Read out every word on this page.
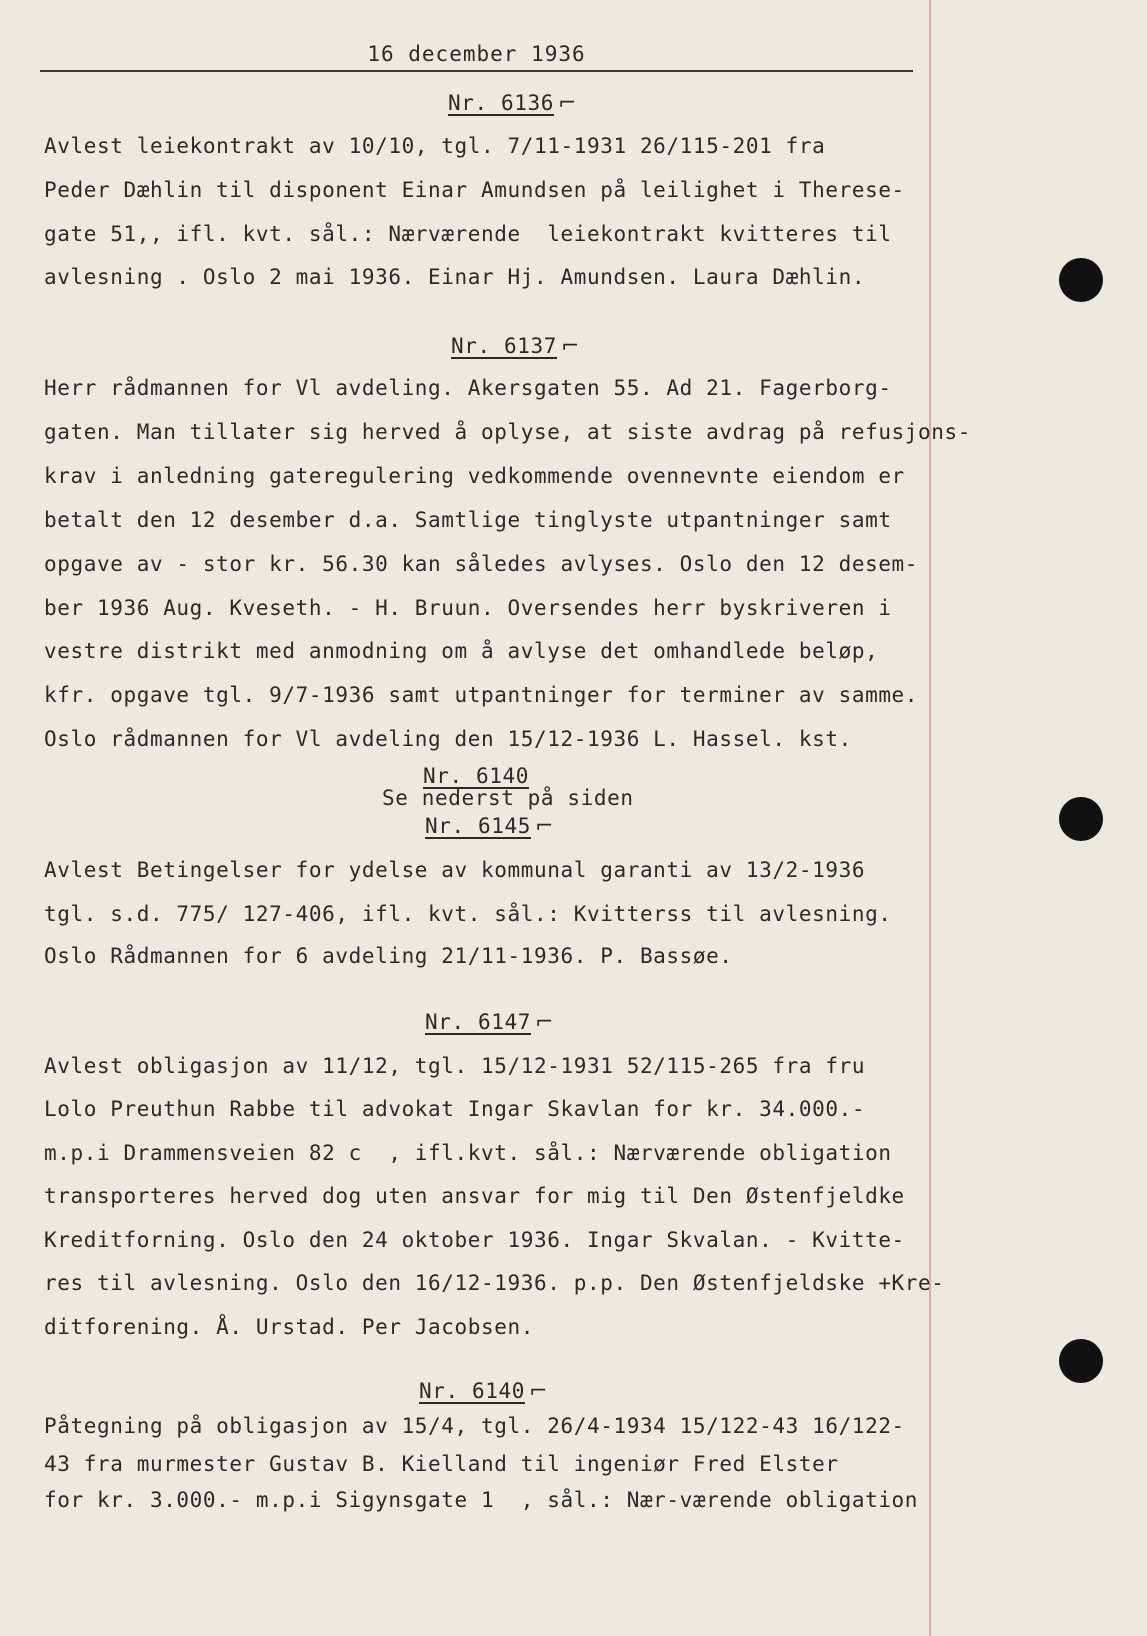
16 december 1936
Nr. 6136 ⌐
Avlest leiekontrakt av 10/10, tgl. 7/11-1931 26/115-201 fra
Peder Dæhlin til disponent Einar Amundsen på leilighet i Therese-
gate 51,, ifl. kvt. sål.: Nærværende  leiekontrakt kvitteres til
avlesning . Oslo 2 mai 1936. Einar Hj. Amundsen. Laura Dæhlin.
Nr. 6137 ⌐
Herr rådmannen for Vl avdeling. Akersgaten 55. Ad 21. Fagerborg-
gaten. Man tillater sig herved å oplyse, at siste avdrag på refusjons-
krav i anledning gateregulering vedkommende ovennevnte eiendom er
betalt den 12 desember d.a. Samtlige tinglyste utpantninger samt
opgave av - stor kr. 56.30 kan således avlyses. Oslo den 12 desem-
ber 1936 Aug. Kveseth. - H. Bruun. Oversendes herr byskriveren i
vestre distrikt med anmodning om å avlyse det omhandlede beløp,
kfr. opgave tgl. 9/7-1936 samt utpantninger for terminer av samme.
Oslo rådmannen for Vl avdeling den 15/12-1936 L. Hassel. kst.
Nr. 6140
Se nederst på siden
Nr. 6145 ⌐
Avlest Betingelser for ydelse av kommunal garanti av 13/2-1936
tgl. s.d. 775/ 127-406, ifl. kvt. sål.: Kvitterss til avlesning.
Oslo Rådmannen for 6 avdeling 21/11-1936. P. Bassøe.
Nr. 6147 ⌐
Avlest obligasjon av 11/12, tgl. 15/12-1931 52/115-265 fra fru
Lolo Preuthun Rabbe til advokat Ingar Skavlan for kr. 34.000.-
m.p.i Drammensveien 82 c  , ifl.kvt. sål.: Nærværende obligation
transporteres herved dog uten ansvar for mig til Den Østenfjeldke
Kreditforning. Oslo den 24 oktober 1936. Ingar Skvalan. - Kvitte-
res til avlesning. Oslo den 16/12-1936. p.p. Den Østenfjeldske +Kre-
ditforening. Å. Urstad. Per Jacobsen.
Nr. 6140 ⌐
Påtegning på obligasjon av 15/4, tgl. 26/4-1934 15/122-43 16/122-
43 fra murmester Gustav B. Kielland til ingeniør Fred Elster
for kr. 3.000.- m.p.i Sigynsgate 1  , sål.: Nær-værende obligation
